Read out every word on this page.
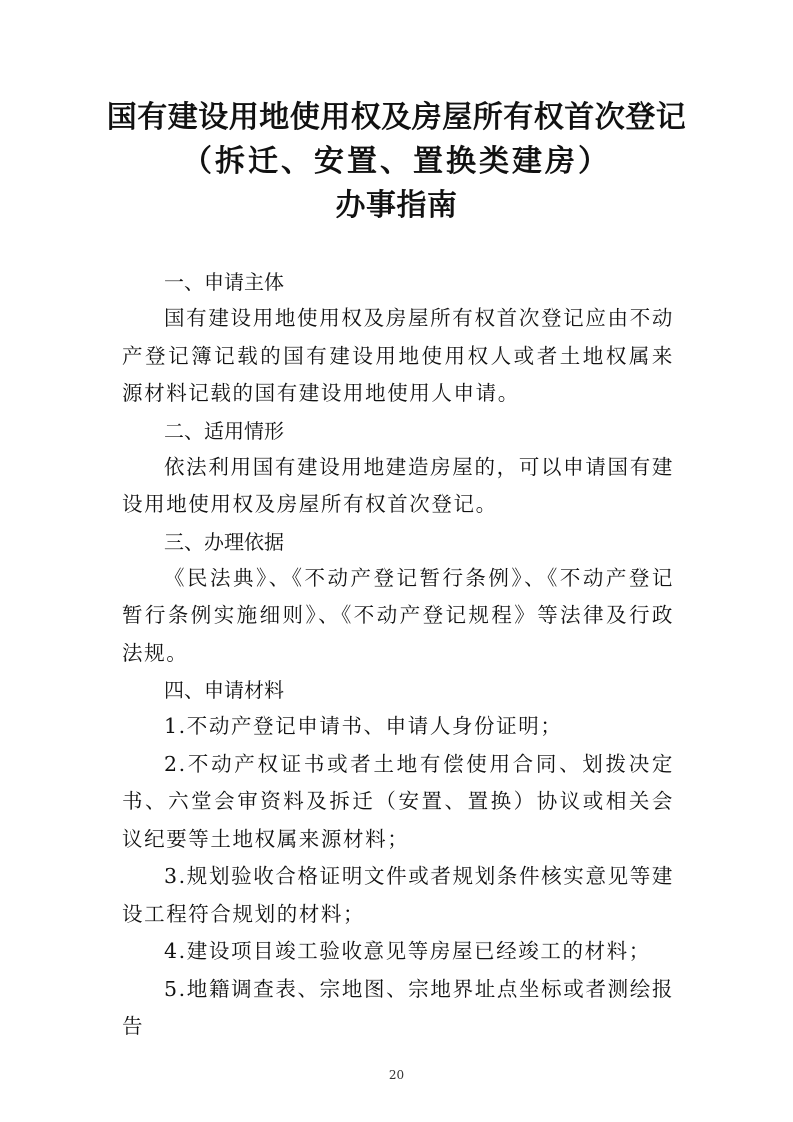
国有建设用地使用权及房屋所有权首次登记
（拆迁、安置、置换类建房）
办事指南
一、申请主体

国有建设用地使用权及房屋所有权首次登记应由不动产登记簿记载的国有建设用地使用权人或者土地权属来源材料记载的国有建设用地使用人申请。

二、适用情形

依法利用国有建设用地建造房屋的，可以申请国有建设用地使用权及房屋所有权首次登记。

三、办理依据

《民法典》、《不动产登记暂行条例》、《不动产登记暂行条例实施细则》、《不动产登记规程》等法律及行政法规。

四、申请材料

1.不动产登记申请书、申请人身份证明；

2.不动产权证书或者土地有偿使用合同、划拨决定书、六堂会审资料及拆迁（安置、置换）协议或相关会议纪要等土地权属来源材料；

3.规划验收合格证明文件或者规划条件核实意见等建设工程符合规划的材料；

4.建设项目竣工验收意见等房屋已经竣工的材料；

5.地籍调查表、宗地图、宗地界址点坐标或者测绘报告

20
